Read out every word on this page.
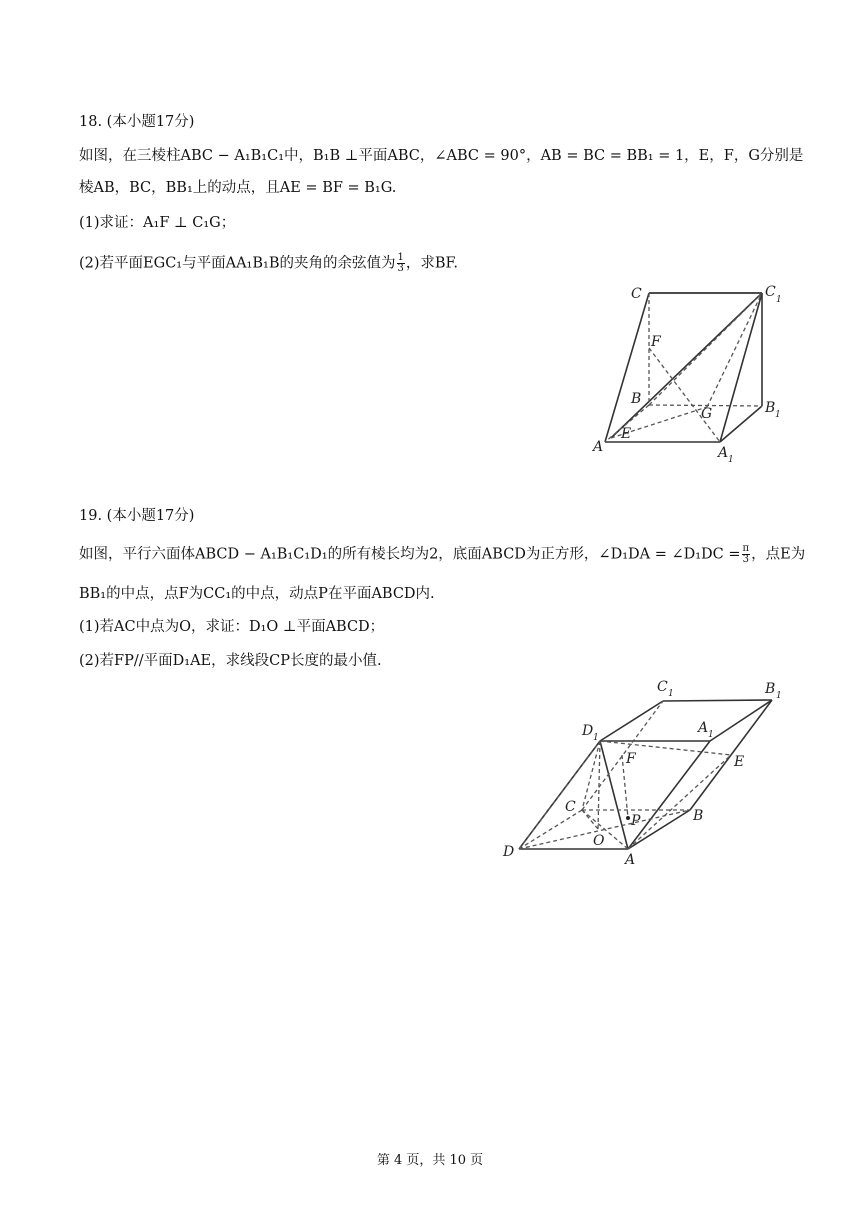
18. (本小题17分)
如图，在三棱柱ABC − A₁B₁C₁中，B₁B ⊥平面ABC，∠ABC = 90°，AB = BC = BB₁ = 1，E，F，G分别是
棱AB，BC，BB₁上的动点，且AE = BF = B₁G.
(1)求证：A₁F ⊥ C₁G；
(2)若平面EGC₁与平面AA₁B₁B的夹角的余弦值为 $\frac{1}{3}$ ，求BF.
C	C 1
F
B
G	B 1
A
E
A 1
19. (本小题17分)
如图，平行六面体ABCD − A₁B₁C₁D₁的所有棱长均为2，底面ABCD为正方形，∠D₁DA = ∠D₁DC = $\frac{\pi}{3}$ ，点E为
BB₁的中点，点F为CC₁的中点，动点P在平面ABCD内.
(1)若AC中点为O，求证：D₁O ⊥平面ABCD；
(2)若FP//平面D₁AE，求线段CP长度的最小值.
C 1	B 1
D 1
A 1
F	E
C
P	B
O
D	A
第 4 页，共 10 页
